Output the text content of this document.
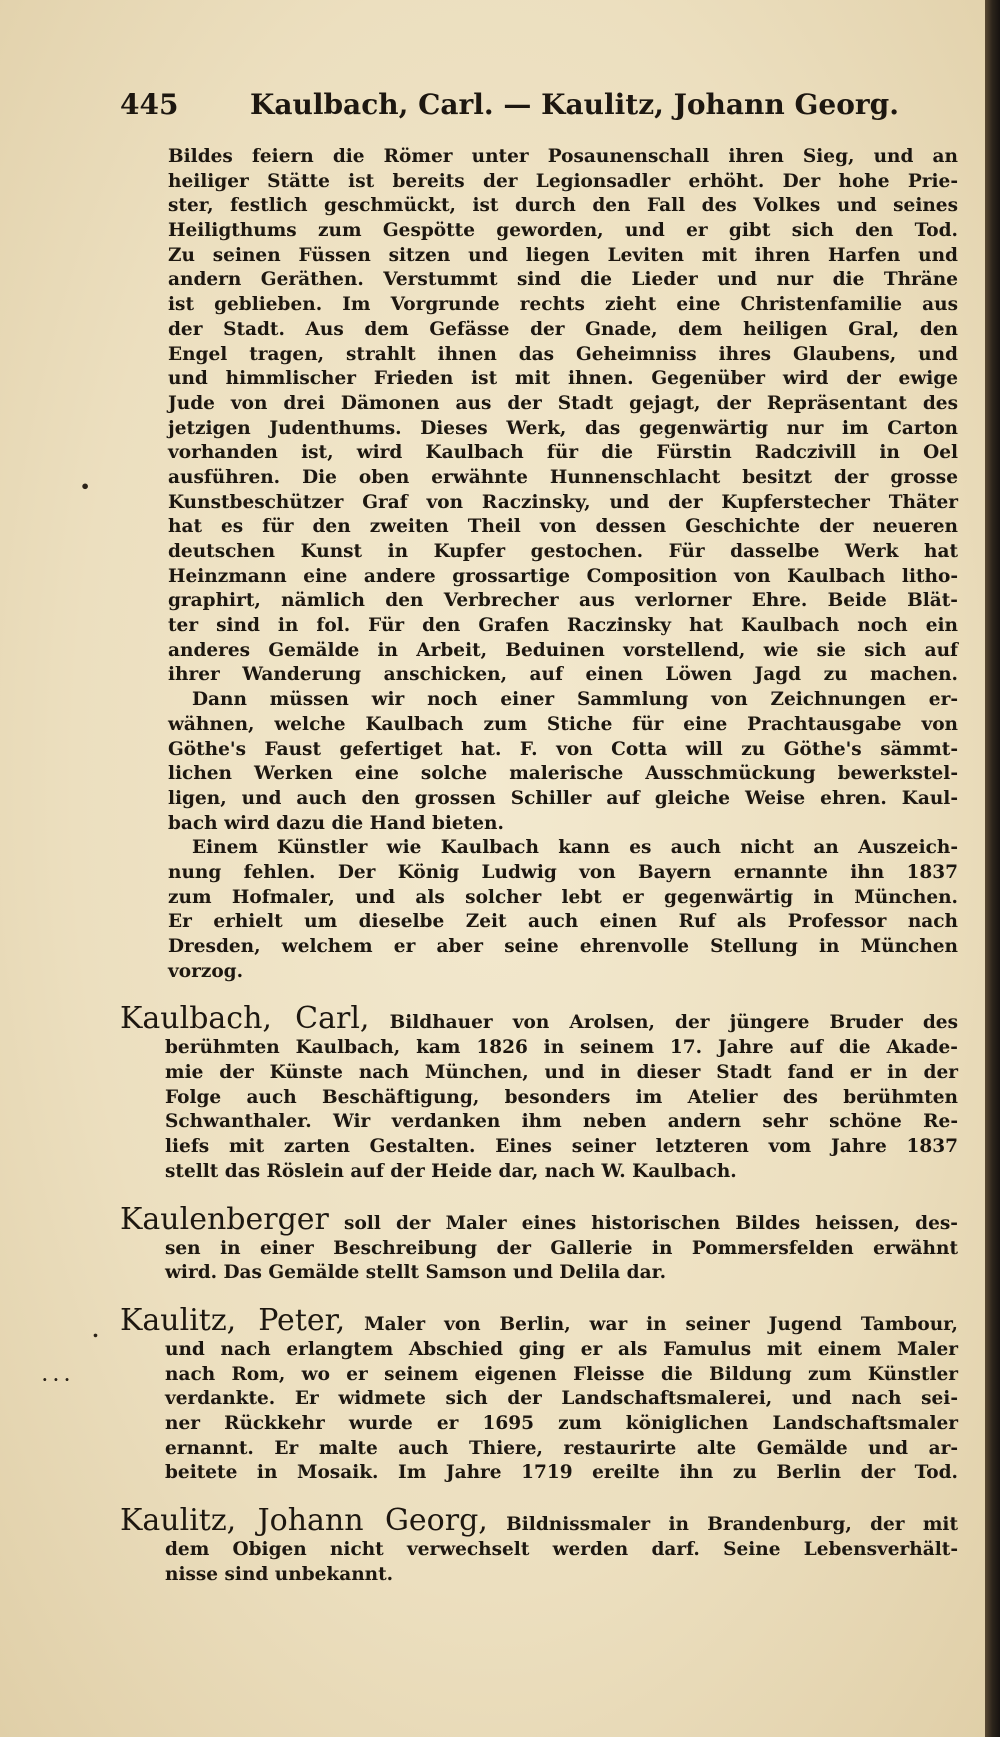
445	Kaulbach, Carl. — Kaulitz, Johann Georg.
•
.
· · ·
Bildes feiern die Römer unter Posaunenschall ihren Sieg, und an
heiliger Stätte ist bereits der Legionsadler erhöht. Der hohe Prie-
ster, festlich geschmückt, ist durch den Fall des Volkes und seines
Heiligthums zum Gespötte geworden, und er gibt sich den Tod.
Zu seinen Füssen sitzen und liegen Leviten mit ihren Harfen und
andern Geräthen. Verstummt sind die Lieder und nur die Thräne
ist geblieben. Im Vorgrunde rechts zieht eine Christenfamilie aus
der Stadt. Aus dem Gefässe der Gnade, dem heiligen Gral, den
Engel tragen, strahlt ihnen das Geheimniss ihres Glaubens, und
und himmlischer Frieden ist mit ihnen. Gegenüber wird der ewige
Jude von drei Dämonen aus der Stadt gejagt, der Repräsentant des
jetzigen Judenthums. Dieses Werk, das gegenwärtig nur im Carton
vorhanden ist, wird Kaulbach für die Fürstin Radczivill in Oel
ausführen. Die oben erwähnte Hunnenschlacht besitzt der grosse
Kunstbeschützer Graf von Raczinsky, und der Kupferstecher Thäter
hat es für den zweiten Theil von dessen Geschichte der neueren
deutschen Kunst in Kupfer gestochen. Für dasselbe Werk hat
Heinzmann eine andere grossartige Composition von Kaulbach litho-
graphirt, nämlich den Verbrecher aus verlorner Ehre. Beide Blät-
ter sind in fol. Für den Grafen Raczinsky hat Kaulbach noch ein
anderes Gemälde in Arbeit, Beduinen vorstellend, wie sie sich auf
ihrer Wanderung anschicken, auf einen Löwen Jagd zu machen.
Dann müssen wir noch einer Sammlung von Zeichnungen er-
wähnen, welche Kaulbach zum Stiche für eine Prachtausgabe von
Göthe's Faust gefertiget hat. F. von Cotta will zu Göthe's sämmt-
lichen Werken eine solche malerische Ausschmückung bewerkstel-
ligen, und auch den grossen Schiller auf gleiche Weise ehren. Kaul-
bach wird dazu die Hand bieten.
Einem Künstler wie Kaulbach kann es auch nicht an Auszeich-
nung fehlen. Der König Ludwig von Bayern ernannte ihn 1837
zum Hofmaler, und als solcher lebt er gegenwärtig in München.
Er erhielt um dieselbe Zeit auch einen Ruf als Professor nach
Dresden, welchem er aber seine ehrenvolle Stellung in München
vorzog.
Kaulbach, Carl, Bildhauer von Arolsen, der jüngere Bruder des
berühmten Kaulbach, kam 1826 in seinem 17. Jahre auf die Akade-
mie der Künste nach München, und in dieser Stadt fand er in der
Folge auch Beschäftigung, besonders im Atelier des berühmten
Schwanthaler. Wir verdanken ihm neben andern sehr schöne Re-
liefs mit zarten Gestalten. Eines seiner letzteren vom Jahre 1837
stellt das Röslein auf der Heide dar, nach W. Kaulbach.
Kaulenberger soll der Maler eines historischen Bildes heissen, des-
sen in einer Beschreibung der Gallerie in Pommersfelden erwähnt
wird. Das Gemälde stellt Samson und Delila dar.
Kaulitz, Peter, Maler von Berlin, war in seiner Jugend Tambour,
und nach erlangtem Abschied ging er als Famulus mit einem Maler
nach Rom, wo er seinem eigenen Fleisse die Bildung zum Künstler
verdankte. Er widmete sich der Landschaftsmalerei, und nach sei-
ner Rückkehr wurde er 1695 zum königlichen Landschaftsmaler
ernannt. Er malte auch Thiere, restaurirte alte Gemälde und ar-
beitete in Mosaik. Im Jahre 1719 ereilte ihn zu Berlin der Tod.
Kaulitz, Johann Georg, Bildnissmaler in Brandenburg, der mit
dem Obigen nicht verwechselt werden darf. Seine Lebensverhält-
nisse sind unbekannt.
